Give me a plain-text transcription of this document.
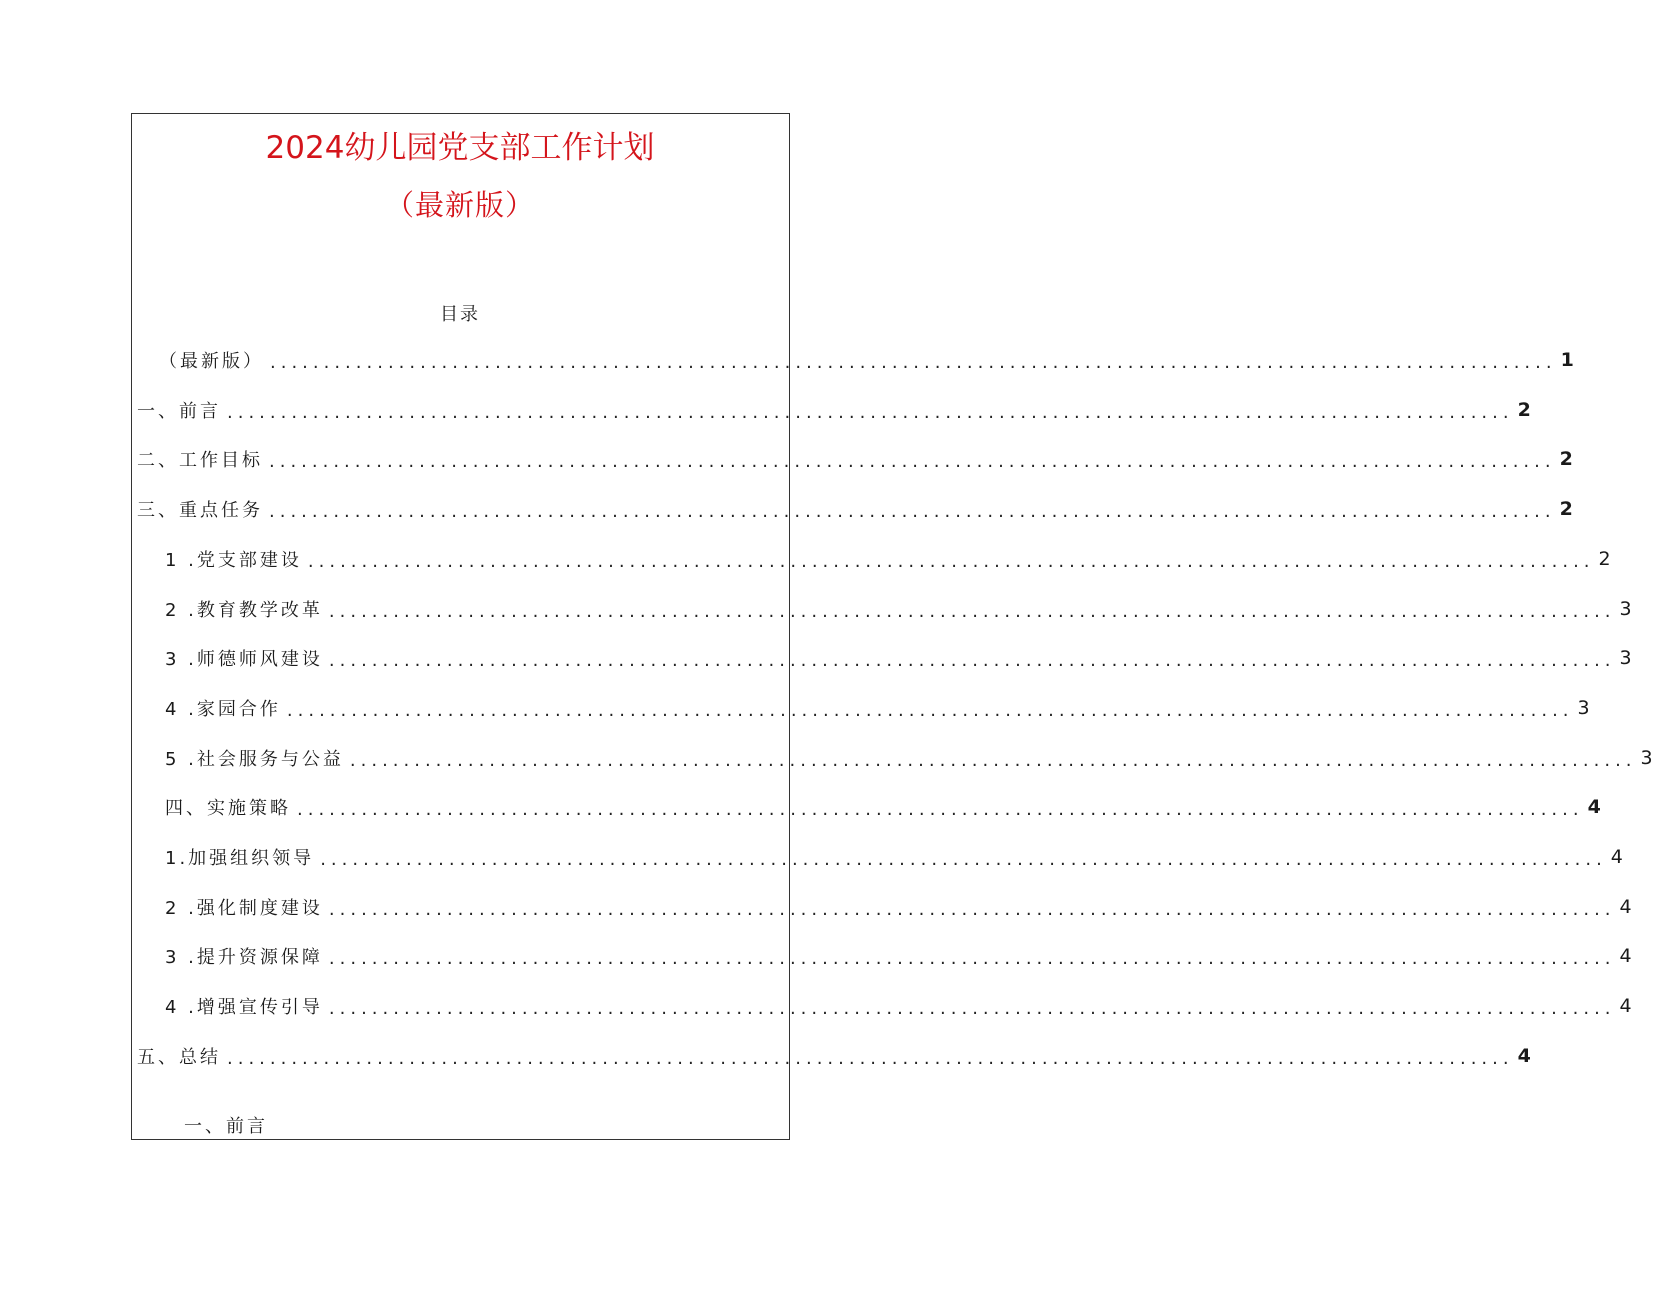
2024幼儿园党支部工作计划
（最新版）
目录
（最新版） ........................................................................................................................ 1
一、前言 ........................................................................................................................ 2
二、工作目标 ........................................................................................................................ 2
三、重点任务 ........................................................................................................................ 2
1 .党支部建设 ........................................................................................................................ 2
2 .教育教学改革 ........................................................................................................................ 3
3 .师德师风建设 ........................................................................................................................ 3
4 .家园合作 ........................................................................................................................ 3
5 .社会服务与公益 ........................................................................................................................ 3
四、实施策略 ........................................................................................................................ 4
1.加强组织领导 ........................................................................................................................ 4
2 .强化制度建设 ........................................................................................................................ 4
3 .提升资源保障 ........................................................................................................................ 4
4 .增强宣传引导 ........................................................................................................................ 4
五、总结 ........................................................................................................................ 4
一、前言
